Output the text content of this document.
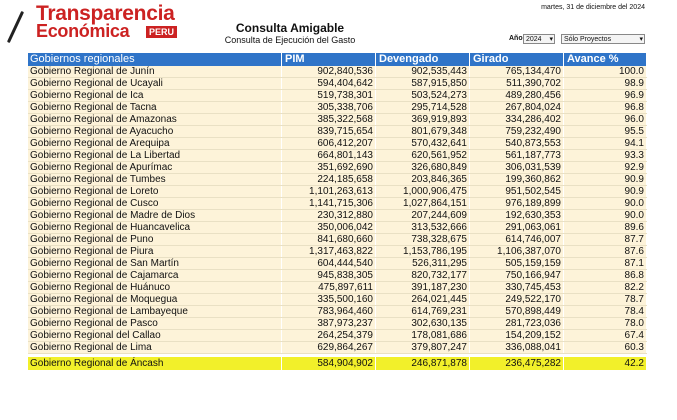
Transparencia
Económica	PERU	Consulta Amigable
Consulta de Ejecución del Gasto
martes, 31 de diciembre del 2024
Año 2024 ▾	Sólo Proyectos	▾
Gobiernos regionales	PIM	Devengado	Girado	Avance %
Gobierno Regional de Junín	902,840,536	902,535,443	765,134,470	100.0
Gobierno Regional de Ucayali	594,404,642	587,915,850	511,390,702	98.9
Gobierno Regional de Ica	519,738,301	503,524,273	489,280,456	96.9
Gobierno Regional de Tacna	305,338,706	295,714,528	267,804,024	96.8
Gobierno Regional de Amazonas	385,322,568	369,919,893	334,286,402	96.0
Gobierno Regional de Ayacucho	839,715,654	801,679,348	759,232,490	95.5
Gobierno Regional de Arequipa	606,412,207	570,432,641	540,873,553	94.1
Gobierno Regional de La Libertad	664,801,143	620,561,952	561,187,773	93.3
Gobierno Regional de Apurímac	351,692,690	326,680,849	306,031,539	92.9
Gobierno Regional de Tumbes	224,185,658	203,846,365	199,360,862	90.9
Gobierno Regional de Loreto	1,101,263,613	1,000,906,475	951,502,545	90.9
Gobierno Regional de Cusco	1,141,715,306	1,027,864,151	976,189,899	90.0
Gobierno Regional de Madre de Dios	230,312,880	207,244,609	192,630,353	90.0
Gobierno Regional de Huancavelica	350,006,042	313,532,666	291,063,061	89.6
Gobierno Regional de Puno	841,680,660	738,328,675	614,746,007	87.7
Gobierno Regional de Piura	1,317,463,822	1,153,786,195	1,106,387,070	87.6
Gobierno Regional de San Martín	604,444,540	526,311,295	505,159,159	87.1
Gobierno Regional de Cajamarca	945,838,305	820,732,177	750,166,947	86.8
Gobierno Regional de Huánuco	475,897,611	391,187,230	330,745,453	82.2
Gobierno Regional de Moquegua	335,500,160	264,021,445	249,522,170	78.7
Gobierno Regional de Lambayeque	783,964,460	614,769,231	570,898,449	78.4
Gobierno Regional de Pasco	387,973,237	302,630,135	281,723,036	78.0
Gobierno Regional del Callao	264,254,379	178,081,686	154,209,152	67.4
Gobierno Regional de Lima	629,864,267	379,807,247	336,088,041	60.3
Gobierno Regional de Áncash	584,904,902	246,871,878	236,475,282	42.2
